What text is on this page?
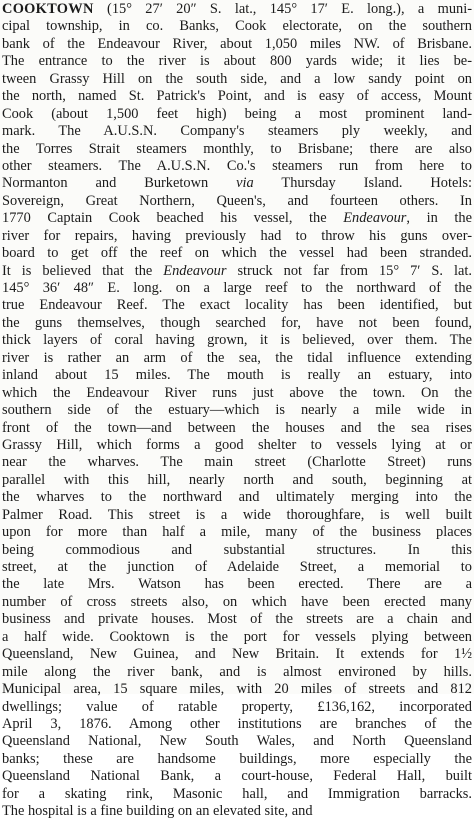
COOKTOWN (15° 27′ 20″ S. lat., 145° 17′ E. long.), a muni-
cipal township, in co. Banks, Cook electorate, on the southern
bank of the Endeavour River, about 1,050 miles NW. of Brisbane.
The entrance to the river is about 800 yards wide; it lies be-
tween Grassy Hill on the south side, and a low sandy point on
the north, named St. Patrick's Point, and is easy of access, Mount
Cook (about 1,500 feet high) being a most prominent land-
mark. The A.U.S.N. Company's steamers ply weekly, and
the Torres Strait steamers monthly, to Brisbane; there are also
other steamers. The A.U.S.N. Co.'s steamers run from here to
Normanton and Burketown via Thursday Island. Hotels:
Sovereign, Great Northern, Queen's, and fourteen others. In
1770 Captain Cook beached his vessel, the Endeavour, in the
river for repairs, having previously had to throw his guns over-
board to get off the reef on which the vessel had been stranded.
It is believed that the Endeavour struck not far from 15° 7′ S. lat.
145° 36′ 48″ E. long. on a large reef to the northward of the
true Endeavour Reef. The exact locality has been identified, but
the guns themselves, though searched for, have not been found,
thick layers of coral having grown, it is believed, over them. The
river is rather an arm of the sea, the tidal influence extending
inland about 15 miles. The mouth is really an estuary, into
which the Endeavour River runs just above the town. On the
southern side of the estuary—which is nearly a mile wide in
front of the town—and between the houses and the sea rises
Grassy Hill, which forms a good shelter to vessels lying at or
near the wharves. The main street (Charlotte Street) runs
parallel with this hill, nearly north and south, beginning at
the wharves to the northward and ultimately merging into the
Palmer Road. This street is a wide thoroughfare, is well built
upon for more than half a mile, many of the business places
being commodious and substantial structures. In this
street, at the junction of Adelaide Street, a memorial to
the late Mrs. Watson has been erected. There are a
number of cross streets also, on which have been erected many
business and private houses. Most of the streets are a chain and
a half wide. Cooktown is the port for vessels plying between
Queensland, New Guinea, and New Britain. It extends for 1½
mile along the river bank, and is almost environed by hills.
Municipal area, 15 square miles, with 20 miles of streets and 812
dwellings; value of ratable property, £136,162, incorporated
April 3, 1876. Among other institutions are branches of the
Queensland National, New South Wales, and North Queensland
banks; these are handsome buildings, more especially the
Queensland National Bank, a court-house, Federal Hall, built
for a skating rink, Masonic hall, and Immigration barracks.
The hospital is a fine building on an elevated site, and
